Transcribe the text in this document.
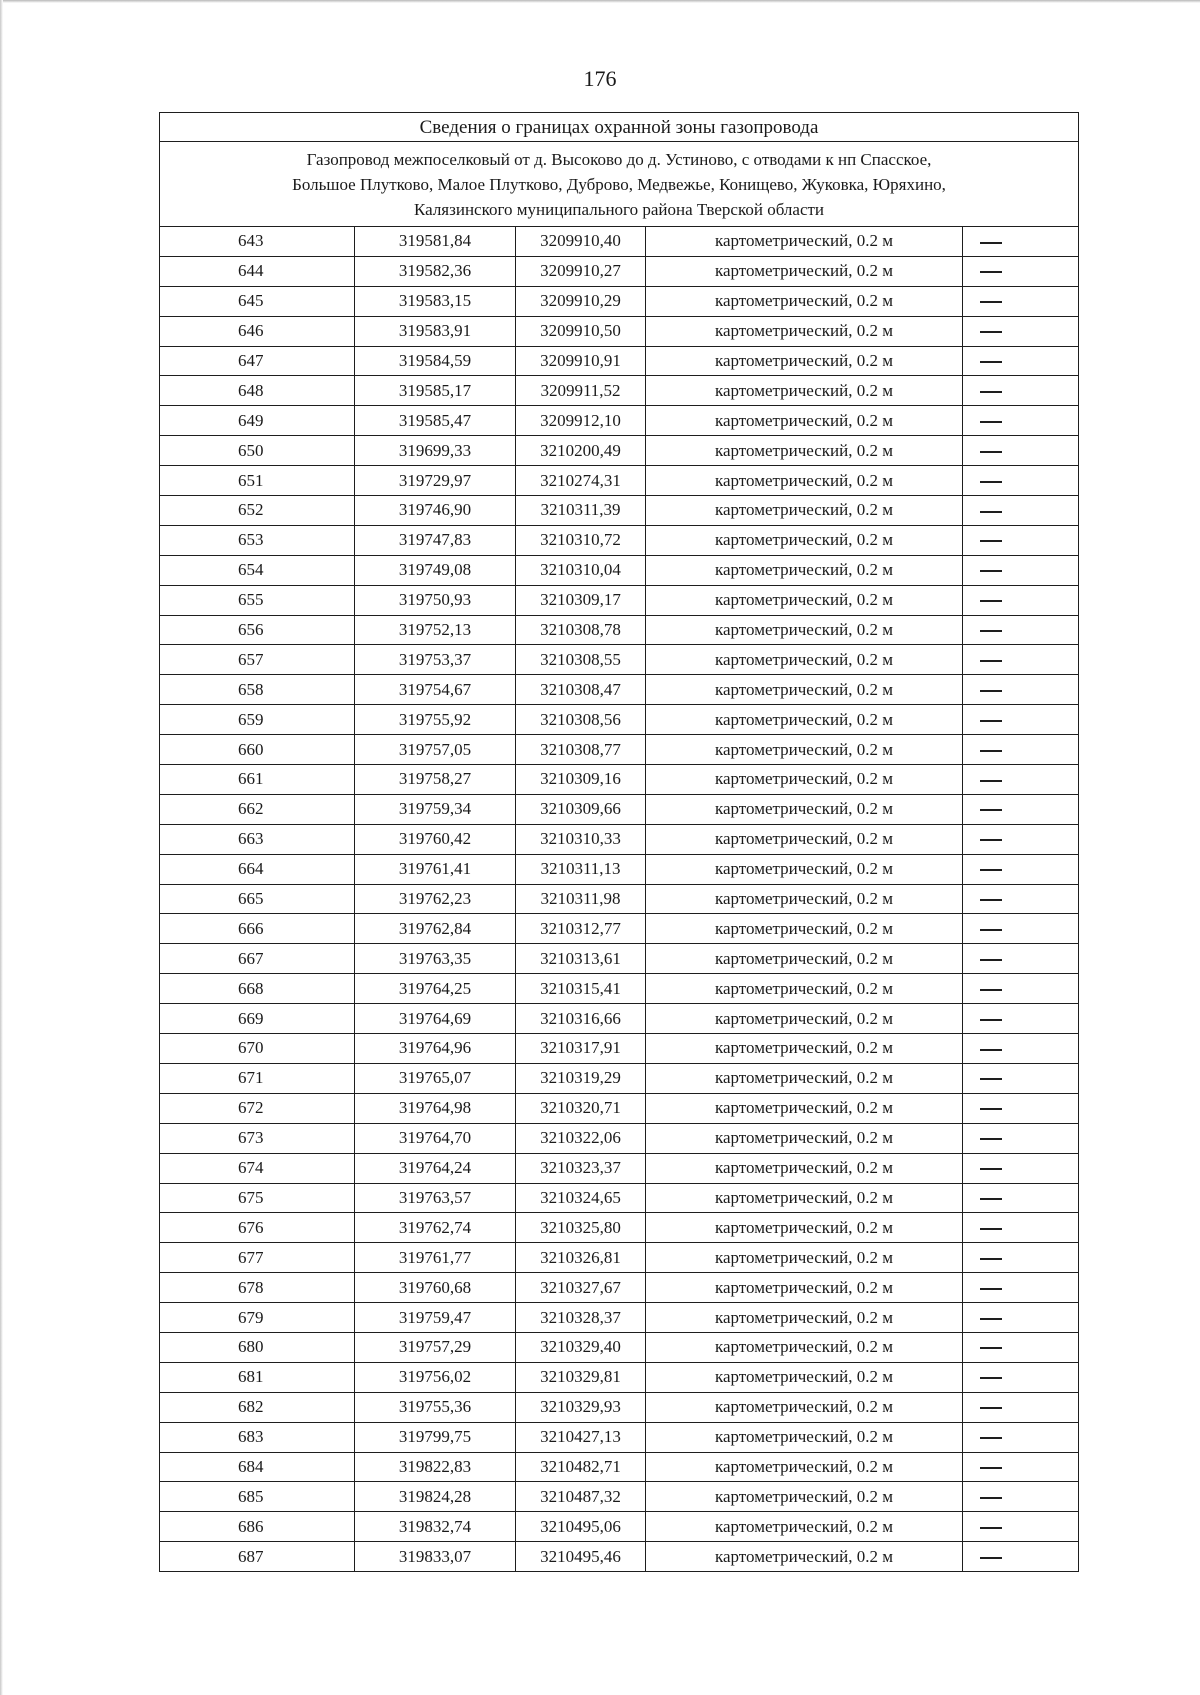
176
Сведения о границах охранной зоны газопровода				

Газопровод межпоселковый от д. Высоково до д. Устиново, с отводами к нп Спасское,
Большое Плутково, Малое Плутково, Дуброво, Медвежье, Конищево, Жуковка, Юряхино,
Калязинского муниципального района Тверской области				

643	319581,84	3209910,40	картометрический, 0.2 м	
644	319582,36	3209910,27	картометрический, 0.2 м	
645	319583,15	3209910,29	картометрический, 0.2 м	
646	319583,91	3209910,50	картометрический, 0.2 м	
647	319584,59	3209910,91	картометрический, 0.2 м	
648	319585,17	3209911,52	картометрический, 0.2 м	
649	319585,47	3209912,10	картометрический, 0.2 м	
650	319699,33	3210200,49	картометрический, 0.2 м	
651	319729,97	3210274,31	картометрический, 0.2 м	
652	319746,90	3210311,39	картометрический, 0.2 м	
653	319747,83	3210310,72	картометрический, 0.2 м	
654	319749,08	3210310,04	картометрический, 0.2 м	
655	319750,93	3210309,17	картометрический, 0.2 м	
656	319752,13	3210308,78	картометрический, 0.2 м	
657	319753,37	3210308,55	картометрический, 0.2 м	
658	319754,67	3210308,47	картометрический, 0.2 м	
659	319755,92	3210308,56	картометрический, 0.2 м	
660	319757,05	3210308,77	картометрический, 0.2 м	
661	319758,27	3210309,16	картометрический, 0.2 м	
662	319759,34	3210309,66	картометрический, 0.2 м	
663	319760,42	3210310,33	картометрический, 0.2 м	
664	319761,41	3210311,13	картометрический, 0.2 м	
665	319762,23	3210311,98	картометрический, 0.2 м	
666	319762,84	3210312,77	картометрический, 0.2 м	
667	319763,35	3210313,61	картометрический, 0.2 м	
668	319764,25	3210315,41	картометрический, 0.2 м	
669	319764,69	3210316,66	картометрический, 0.2 м	
670	319764,96	3210317,91	картометрический, 0.2 м	
671	319765,07	3210319,29	картометрический, 0.2 м	
672	319764,98	3210320,71	картометрический, 0.2 м	
673	319764,70	3210322,06	картометрический, 0.2 м	
674	319764,24	3210323,37	картометрический, 0.2 м	
675	319763,57	3210324,65	картометрический, 0.2 м	
676	319762,74	3210325,80	картометрический, 0.2 м	
677	319761,77	3210326,81	картометрический, 0.2 м	
678	319760,68	3210327,67	картометрический, 0.2 м	
679	319759,47	3210328,37	картометрический, 0.2 м	
680	319757,29	3210329,40	картометрический, 0.2 м	
681	319756,02	3210329,81	картометрический, 0.2 м	
682	319755,36	3210329,93	картометрический, 0.2 м	
683	319799,75	3210427,13	картометрический, 0.2 м	
684	319822,83	3210482,71	картометрический, 0.2 м	
685	319824,28	3210487,32	картометрический, 0.2 м	
686	319832,74	3210495,06	картометрический, 0.2 м	
687	319833,07	3210495,46	картометрический, 0.2 м	
